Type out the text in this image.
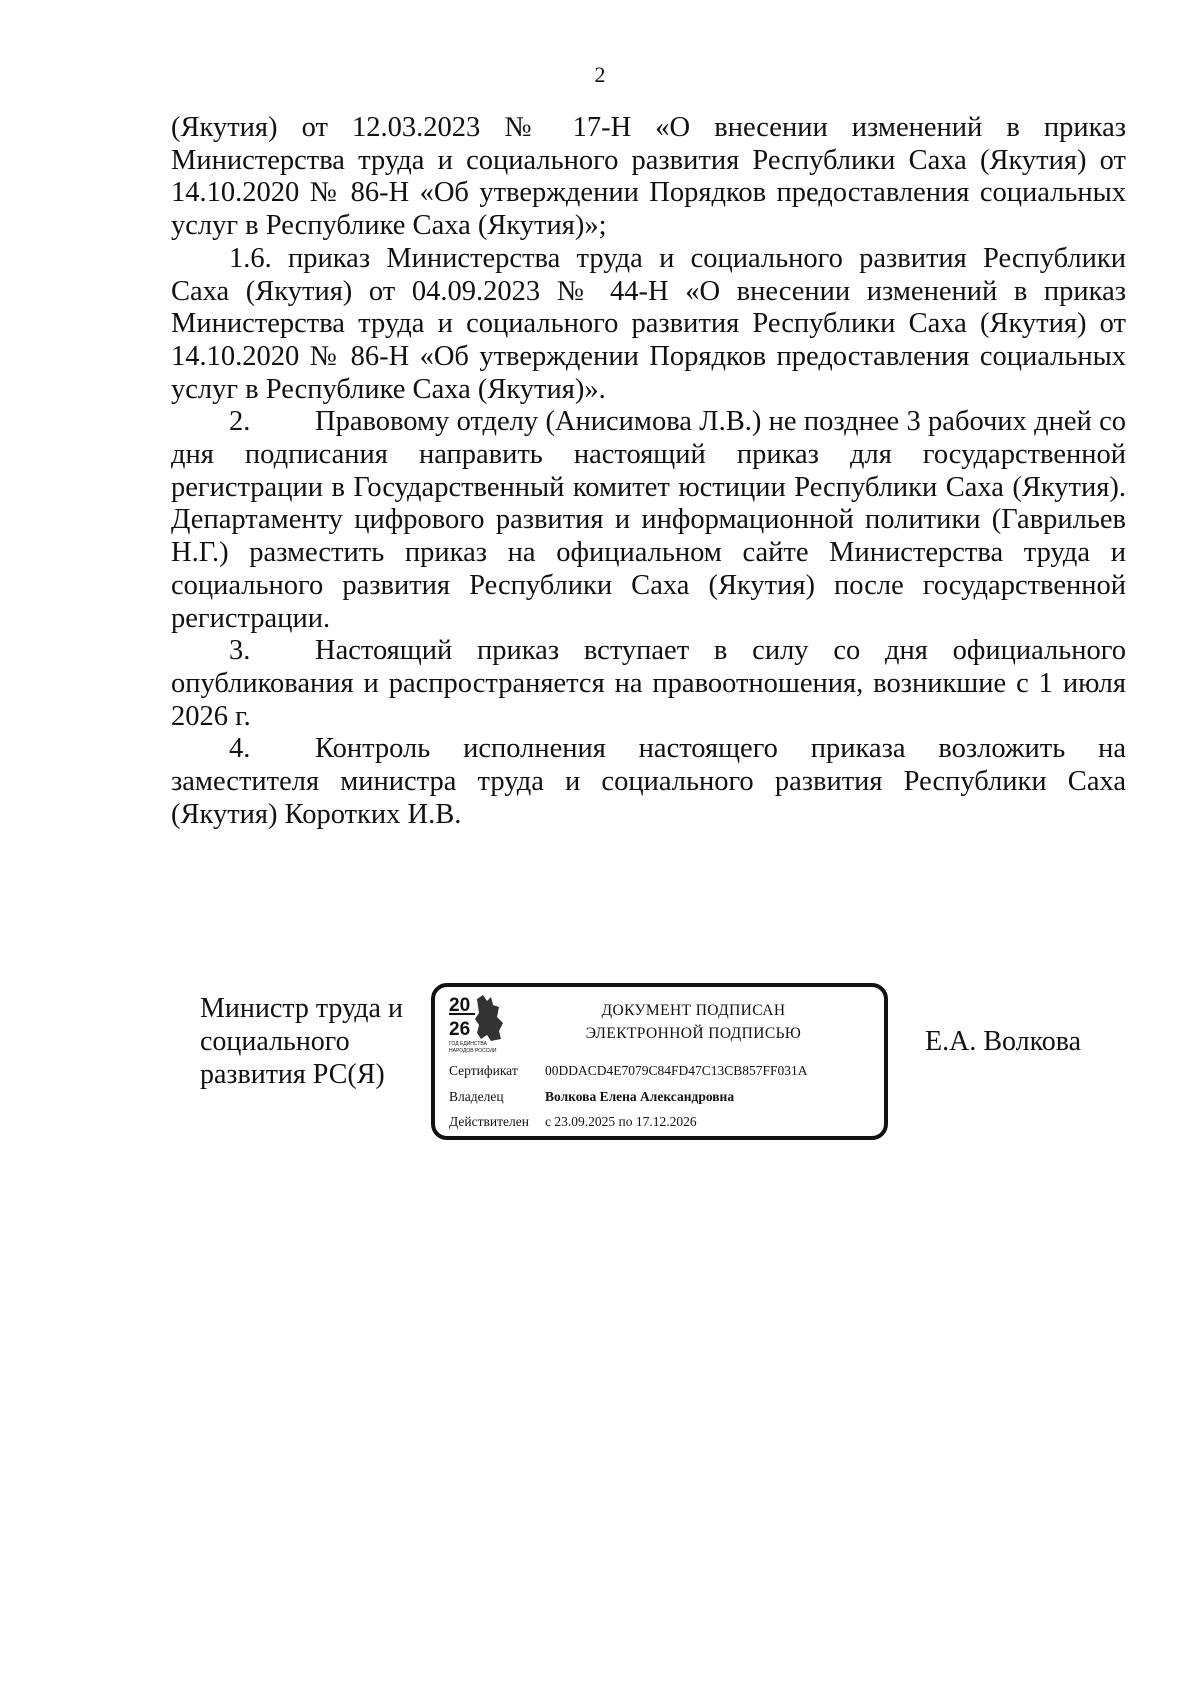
2

(Якутия) от 12.03.2023 № 17-Н «О внесении изменений в приказ Министерства труда и социального развития Республики Саха (Якутия) от 14.10.2020 № 86-Н «Об утверждении Порядков предоставления социальных услуг в Республике Саха (Якутия)»;

1.6. приказ Министерства труда и социального развития Республики Саха (Якутия) от 04.09.2023 № 44-Н «О внесении изменений в приказ Министерства труда и социального развития Республики Саха (Якутия) от 14.10.2020 № 86-Н «Об утверждении Порядков предоставления социальных услуг в Республике Саха (Якутия)».

2. Правовому отделу (Анисимова Л.В.) не позднее 3 рабочих дней со дня подписания направить настоящий приказ для государственной регистрации в Государственный комитет юстиции Республики Саха (Якутия). Департаменту цифрового развития и информационной политики (Гаврильев Н.Г.) разместить приказ на официальном сайте Министерства труда и социального развития Республики Саха (Якутия) после государственной регистрации.

3. Настоящий приказ вступает в силу со дня официального опубликования и распространяется на правоотношения, возникшие с 1 июля 2026 г.

4. Контроль исполнения настоящего приказа возложить на заместителя министра труда и социального развития Республики Саха (Якутия) Коротких И.В.

Министр труда и
социального
развития РС(Я)
20
26
ГОД ЕДИНСТВА
НАРОДОВ РОССИИ
ДОКУМЕНТ ПОДПИСАН
ЭЛЕКТРОННОЙ ПОДПИСЬЮ
Сертификат 00DDACD4E7079C84FD47C13CB857FF031A
Владелец	Волкова Елена Александровна
Действителен с 23.09.2025 по 17.12.2026
Е.А. Волкова
